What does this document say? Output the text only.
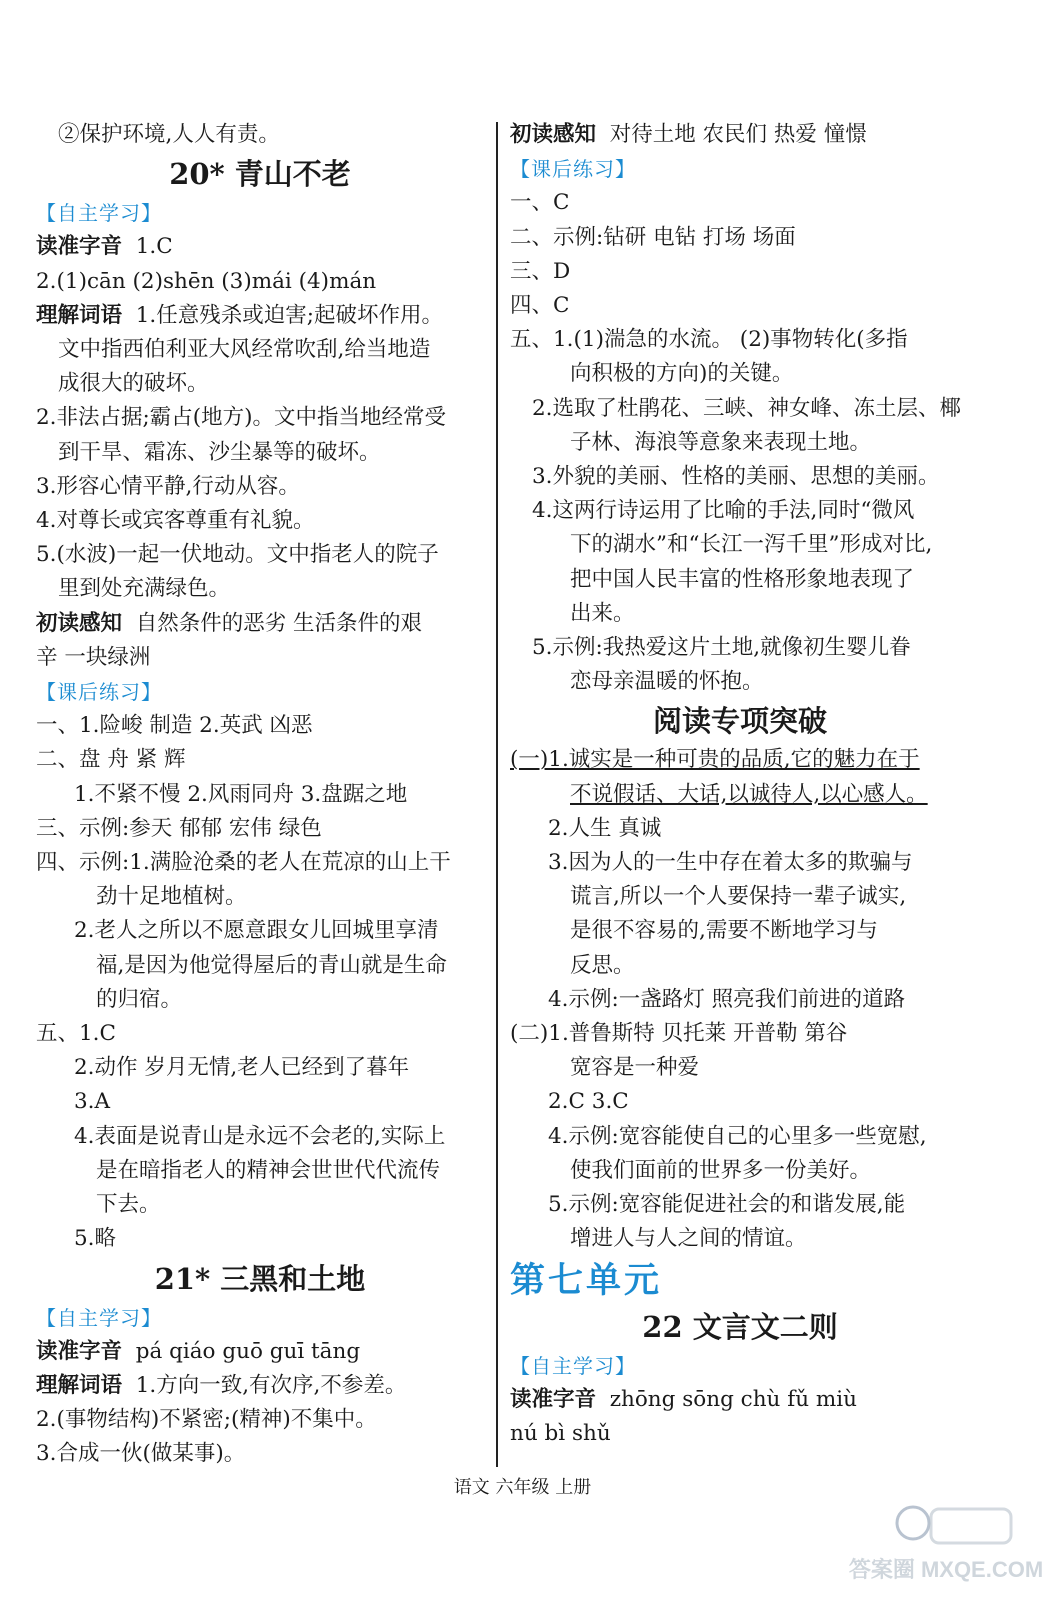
②保护环境,人人有责。
20* 青山不老
【自主学习】
读准字音 1.C
2.(1)cān (2)shēn (3)mái (4)mán
理解词语 1.任意残杀或迫害;起破坏作用。
文中指西伯利亚大风经常吹刮,给当地造
成很大的破坏。
2.非法占据;霸占(地方)。文中指当地经常受
到干旱、霜冻、沙尘暴等的破坏。
3.形容心情平静,行动从容。
4.对尊长或宾客尊重有礼貌。
5.(水波)一起一伏地动。文中指老人的院子
里到处充满绿色。
初读感知 自然条件的恶劣 生活条件的艰
辛 一块绿洲
【课后练习】
一、1.险峻 制造 2.英武 凶恶
二、盘 舟 紧 辉
1.不紧不慢 2.风雨同舟 3.盘踞之地
三、示例:参天 郁郁 宏伟 绿色
四、示例:1.满脸沧桑的老人在荒凉的山上干
劲十足地植树。
2.老人之所以不愿意跟女儿回城里享清
福,是因为他觉得屋后的青山就是生命
的归宿。
五、1.C
2.动作 岁月无情,老人已经到了暮年
3.A
4.表面是说青山是永远不会老的,实际上
是在暗指老人的精神会世世代代流传
下去。
5.略
21* 三黑和土地
【自主学习】
读准字音 pá qiáo guō guī tāng
理解词语 1.方向一致,有次序,不参差。
2.(事物结构)不紧密;(精神)不集中。
3.合成一伙(做某事)。
初读感知 对待土地 农民们 热爱 憧憬
【课后练习】
一、C
二、示例:钻研 电钻 打场 场面
三、D
四、C
五、1.(1)湍急的水流。 (2)事物转化(多指
向积极的方向)的关键。
2.选取了杜鹃花、三峡、神女峰、冻土层、椰
子林、海浪等意象来表现土地。
3.外貌的美丽、性格的美丽、思想的美丽。
4.这两行诗运用了比喻的手法,同时“微风
下的湖水”和“长江一泻千里”形成对比,
把中国人民丰富的性格形象地表现了
出来。
5.示例:我热爱这片土地,就像初生婴儿眷
恋母亲温暖的怀抱。
阅读专项突破
(一)1.诚实是一种可贵的品质,它的魅力在于
不说假话、大话,以诚待人,以心感人。
2.人生 真诚
3.因为人的一生中存在着太多的欺骗与
谎言,所以一个人要保持一辈子诚实,
是很不容易的,需要不断地学习与
反思。
4.示例:一盏路灯 照亮我们前进的道路
(二)1.普鲁斯特 贝托莱 开普勒 第谷
宽容是一种爱
2.C 3.C
4.示例:宽容能使自己的心里多一些宽慰,
使我们面前的世界多一份美好。
5.示例:宽容能促进社会的和谐发展,能
增进人与人之间的情谊。
第七单元
22 文言文二则
【自主学习】
读准字音 zhōng sōng chù fǔ miù
nú bì shǔ
语文 六年级 上册
答案圈 MXQE.COM
